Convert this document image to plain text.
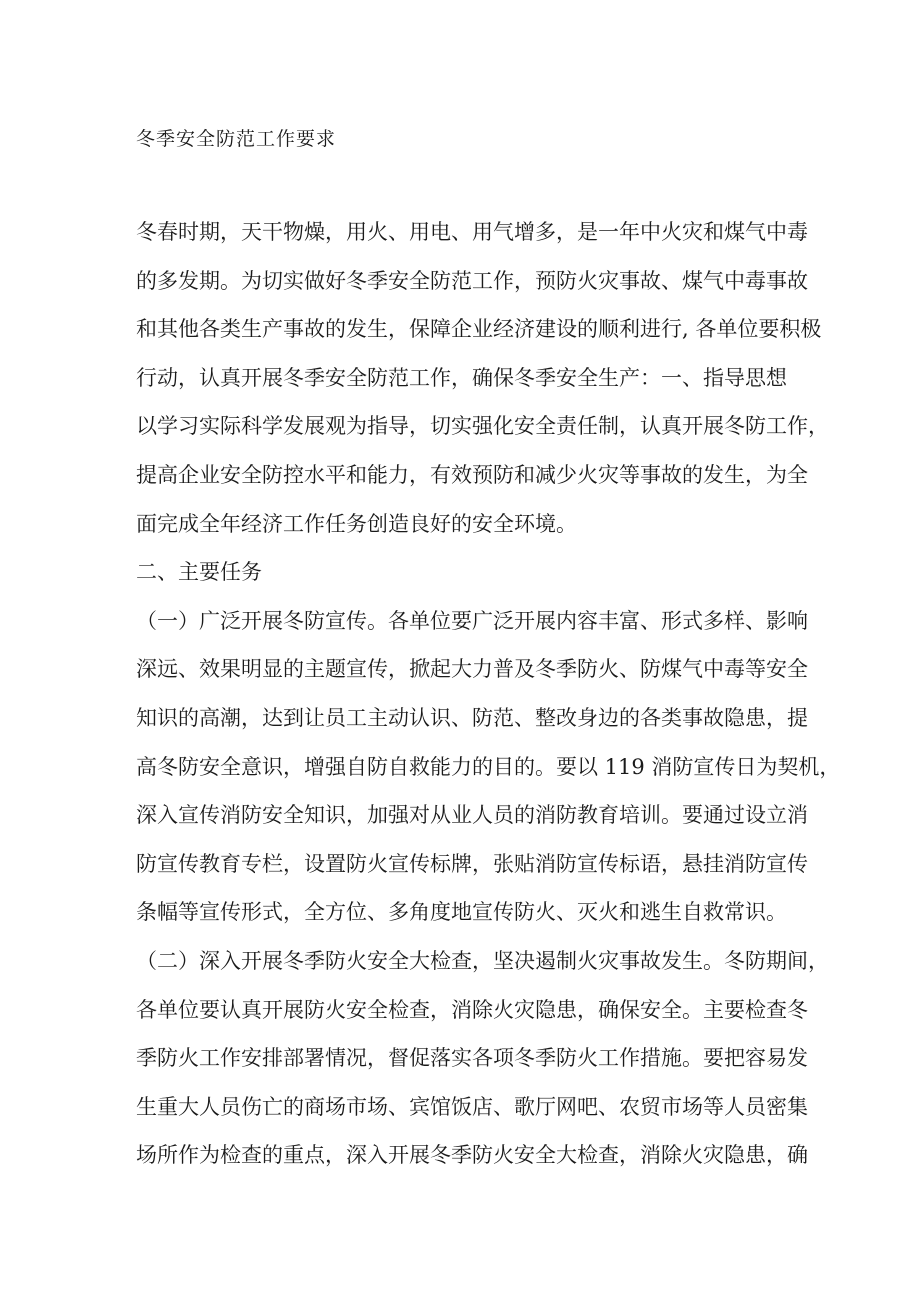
冬季安全防范工作要求
冬春时期，天干物燥，用火、用电、用气增多，是一年中火灾和煤气中毒
的多发期。为切实做好冬季安全防范工作，预防火灾事故、煤气中毒事故
和其他各类生产事故的发生，保障企业经济建设的顺利进行, 各单位要积极
行动，认真开展冬季安全防范工作，确保冬季安全生产：一、指导思想
以学习实际科学发展观为指导，切实强化安全责任制，认真开展冬防工作，
提高企业安全防控水平和能力，有效预防和减少火灾等事故的发生，为全
面完成全年经济工作任务创造良好的安全环境。
二、主要任务
（一）广泛开展冬防宣传。各单位要广泛开展内容丰富、形式多样、影响
深远、效果明显的主题宣传，掀起大力普及冬季防火、防煤气中毒等安全
知识的高潮，达到让员工主动认识、防范、整改身边的各类事故隐患，提
高冬防安全意识，增强自防自救能力的目的。要以 119 消防宣传日为契机，
深入宣传消防安全知识，加强对从业人员的消防教育培训。要通过设立消
防宣传教育专栏，设置防火宣传标牌，张贴消防宣传标语，悬挂消防宣传
条幅等宣传形式，全方位、多角度地宣传防火、灭火和逃生自救常识。
（二）深入开展冬季防火安全大检查，坚决遏制火灾事故发生。冬防期间，
各单位要认真开展防火安全检查，消除火灾隐患，确保安全。主要检查冬
季防火工作安排部署情况，督促落实各项冬季防火工作措施。要把容易发
生重大人员伤亡的商场市场、宾馆饭店、歌厅网吧、农贸市场等人员密集
场所作为检查的重点，深入开展冬季防火安全大检查，消除火灾隐患，确
